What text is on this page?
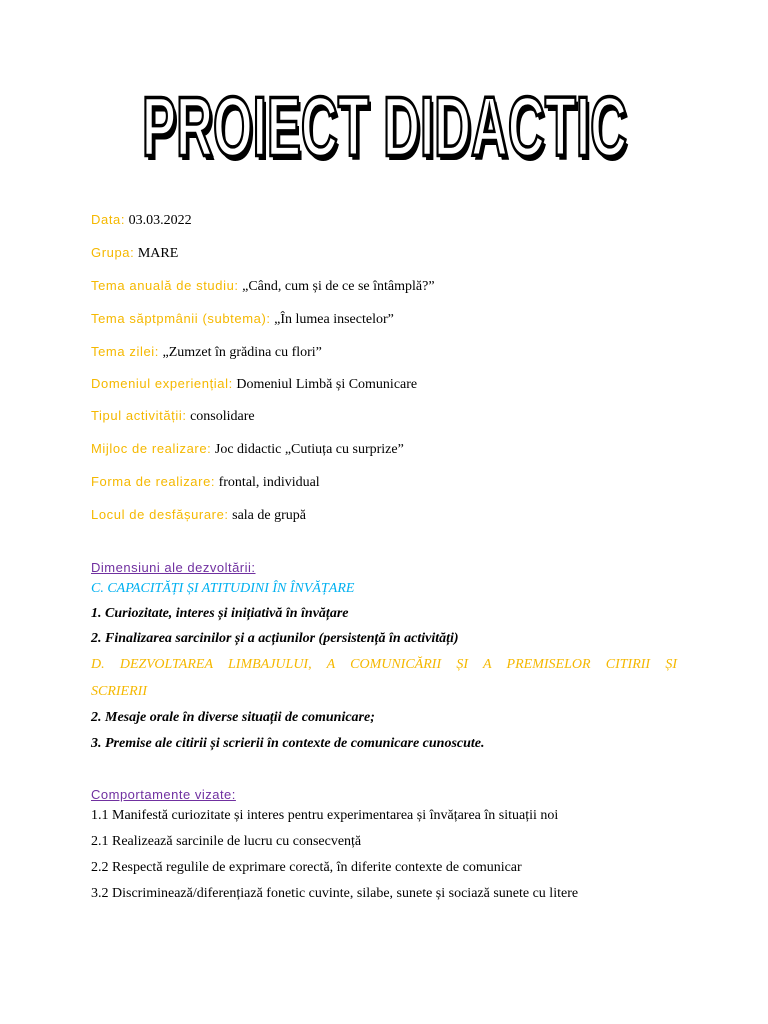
PROIECT DIDACTIC
Data: 03.03.2022
Grupa: MARE
Tema anuală de studiu: „Când, cum și de ce se întâmplă?”
Tema săptpmânii (subtema): „În lumea insectelor”
Tema zilei: „Zumzet în grădina cu flori”
Domeniul experiențial: Domeniul Limbă și Comunicare
Tipul activității: consolidare
Mijloc de realizare: Joc didactic „Cutiuța cu surprize”
Forma de realizare: frontal, individual
Locul de desfășurare: sala de grupă
Dimensiuni ale dezvoltării:
C. CAPACITĂȚI ȘI ATITUDINI ÎN ÎNVĂȚARE
1. Curiozitate, interes și inițiativă în învățare
2. Finalizarea sarcinilor și a acțiunilor (persistență în activități)
D. DEZVOLTAREA LIMBAJULUI, A COMUNICĂRII ȘI A PREMISELOR CITIRII ȘI
SCRIERII
2. Mesaje orale în diverse situații de comunicare;
3. Premise ale citirii și scrierii în contexte de comunicare cunoscute.
Comportamente vizate:
1.1 Manifestă curiozitate și interes pentru experimentarea și învățarea în situații noi
2.1 Realizează sarcinile de lucru cu consecvență
2.2 Respectă regulile de exprimare corectă, în diferite contexte de comunicar
3.2 Discriminează/diferențiază fonetic cuvinte, silabe, sunete și sociază sunete cu litere
